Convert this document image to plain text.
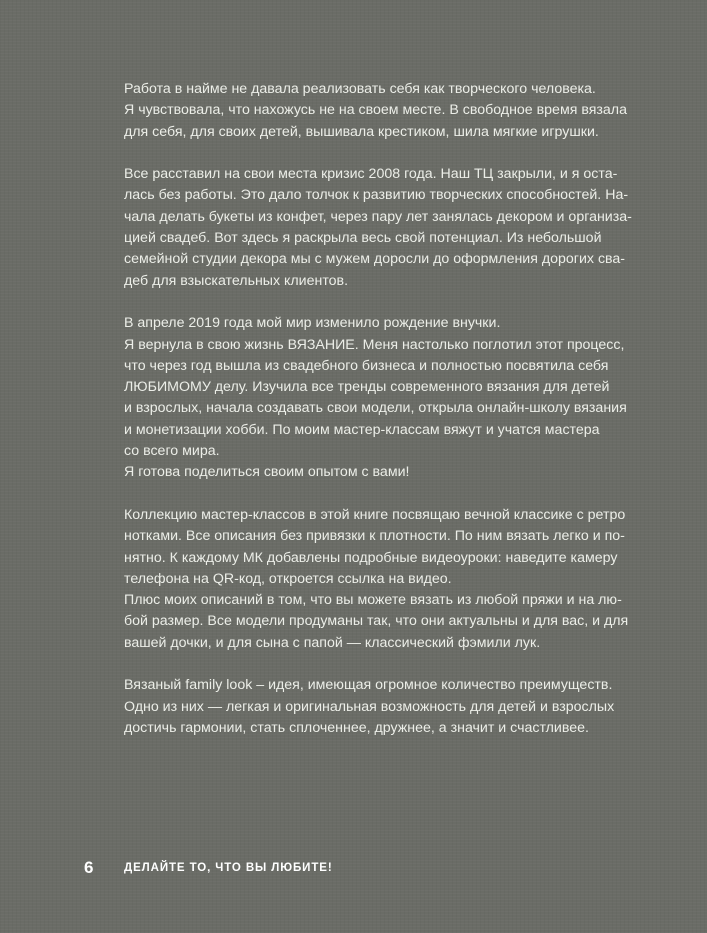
Работа в найме не давала реализовать себя как творческого человека.
Я чувствовала, что нахожусь не на своем месте. В свободное время вязала
для себя, для своих детей, вышивала крестиком, шила мягкие игрушки.

Все расставил на свои места кризис 2008 года. Наш ТЦ закрыли, и я оста-
лась без работы. Это дало толчок к развитию творческих способностей. На-
чала делать букеты из конфет, через пару лет занялась декором и организа-
цией свадеб. Вот здесь я раскрыла весь свой потенциал. Из небольшой
семейной студии декора мы с мужем доросли до оформления дорогих сва-
деб для взыскательных клиентов.

В апреле 2019 года мой мир изменило рождение внучки.
Я вернула в свою жизнь ВЯЗАНИЕ. Меня настолько поглотил этот процесс,
что через год вышла из свадебного бизнеса и полностью посвятила себя
ЛЮБИМОМУ делу. Изучила все тренды современного вязания для детей
и взрослых, начала создавать свои модели, открыла онлайн-школу вязания
и монетизации хобби. По моим мастер-классам вяжут и учатся мастера
со всего мира.
Я готова поделиться своим опытом с вами!

Коллекцию мастер-классов в этой книге посвящаю вечной классике с ретро
нотками. Все описания без привязки к плотности. По ним вязать легко и по-
нятно. К каждому МК добавлены подробные видеоуроки: наведите камеру
телефона на QR-код, откроется ссылка на видео.
Плюс моих описаний в том, что вы можете вязать из любой пряжи и на лю-
бой размер. Все модели продуманы так, что они актуальны и для вас, и для
вашей дочки, и для сына с папой — классический фэмили лук.

Вязаный family look – идея, имеющая огромное количество преимуществ.
Одно из них — легкая и оригинальная возможность для детей и взрослых
достичь гармонии, стать сплоченнее, дружнее, а значит и счастливее.

6	ДЕЛАЙТЕ ТО, ЧТО ВЫ ЛЮБИТЕ!
